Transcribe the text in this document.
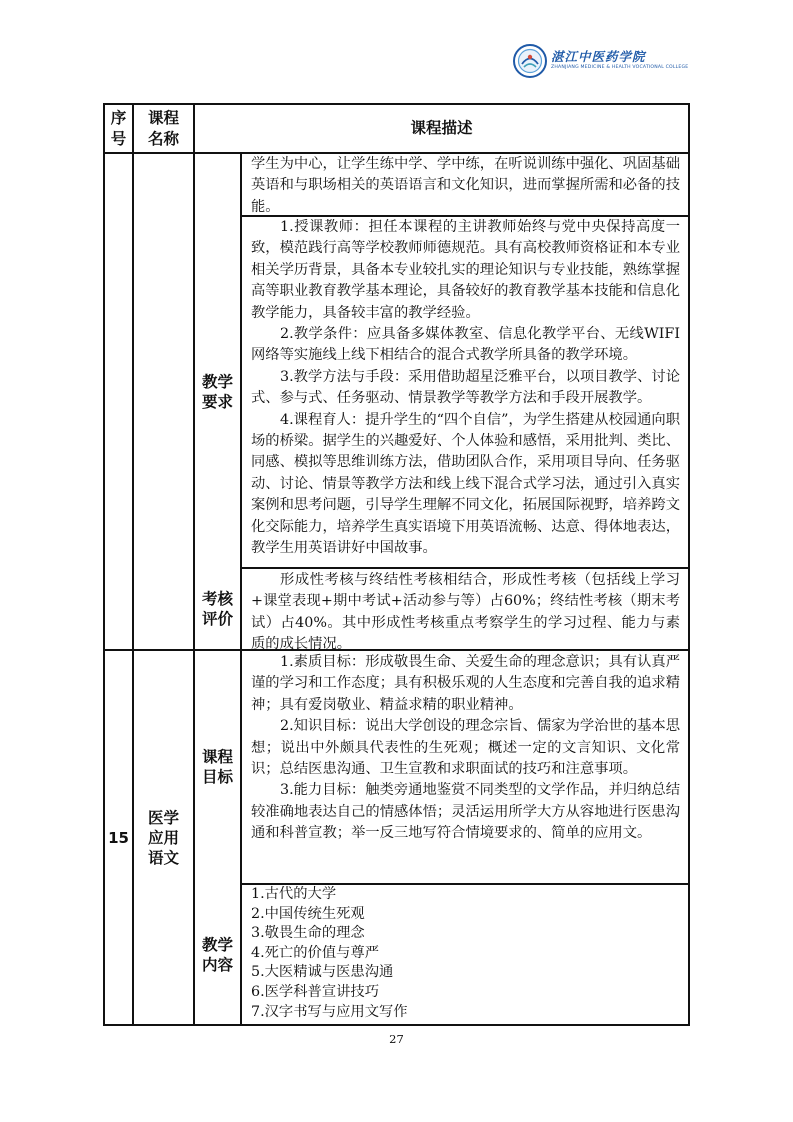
湛江中医药学院
ZHANJIANG MEDICINE & HEALTH VOCATIONAL COLLEGE
序
号
课程
名称
课程描述

学生为中心，让学生练中学、学中练，在听说训练中强化、巩固基础英语和与职场相关的英语语言和文化知识，进而掌握所需和必备的技能。

教学
要求

1.授课教师：担任本课程的主讲教师始终与党中央保持高度一致，模范践行高等学校教师师德规范。具有高校教师资格证和本专业相关学历背景，具备本专业较扎实的理论知识与专业技能，熟练掌握高等职业教育教学基本理论，具备较好的教育教学基本技能和信息化教学能力，具备较丰富的教学经验。

2.教学条件：应具备多媒体教室、信息化教学平台、无线WIFI网络等实施线上线下相结合的混合式教学所具备的教学环境。

3.教学方法与手段：采用借助超星泛雅平台，以项目教学、讨论式、参与式、任务驱动、情景教学等教学方法和手段开展教学。

4.课程育人：提升学生的“四个自信”，为学生搭建从校园通向职场的桥梁。据学生的兴趣爱好、个人体验和感悟，采用批判、类比、同感、模拟等思维训练方法，借助团队合作，采用项目导向、任务驱动、讨论、情景等教学方法和线上线下混合式学习法，通过引入真实案例和思考问题，引导学生理解不同文化，拓展国际视野，培养跨文化交际能力，培养学生真实语境下用英语流畅、达意、得体地表达，教学生用英语讲好中国故事。

考核
评价

形成性考核与终结性考核相结合，形成性考核（包括线上学习+课堂表现+期中考试+活动参与等）占60%；终结性考核（期末考试）占40%。其中形成性考核重点考察学生的学习过程、能力与素质的成长情况。

15
医学
应用
语文
课程
目标

1.素质目标：形成敬畏生命、关爱生命的理念意识；具有认真严谨的学习和工作态度；具有积极乐观的人生态度和完善自我的追求精神；具有爱岗敬业、精益求精的职业精神。

2.知识目标：说出大学创设的理念宗旨、儒家为学治世的基本思想；说出中外颇具代表性的生死观；概述一定的文言知识、文化常识；总结医患沟通、卫生宣教和求职面试的技巧和注意事项。

3.能力目标：触类旁通地鉴赏不同类型的文学作品，并归纳总结较准确地表达自己的情感体悟；灵活运用所学大方从容地进行医患沟通和科普宣教；举一反三地写符合情境要求的、简单的应用文。

教学
内容

1.古代的大学

2.中国传统生死观

3.敬畏生命的理念

4.死亡的价值与尊严

5.大医精诚与医患沟通

6.医学科普宣讲技巧

7.汉字书写与应用文写作

27
